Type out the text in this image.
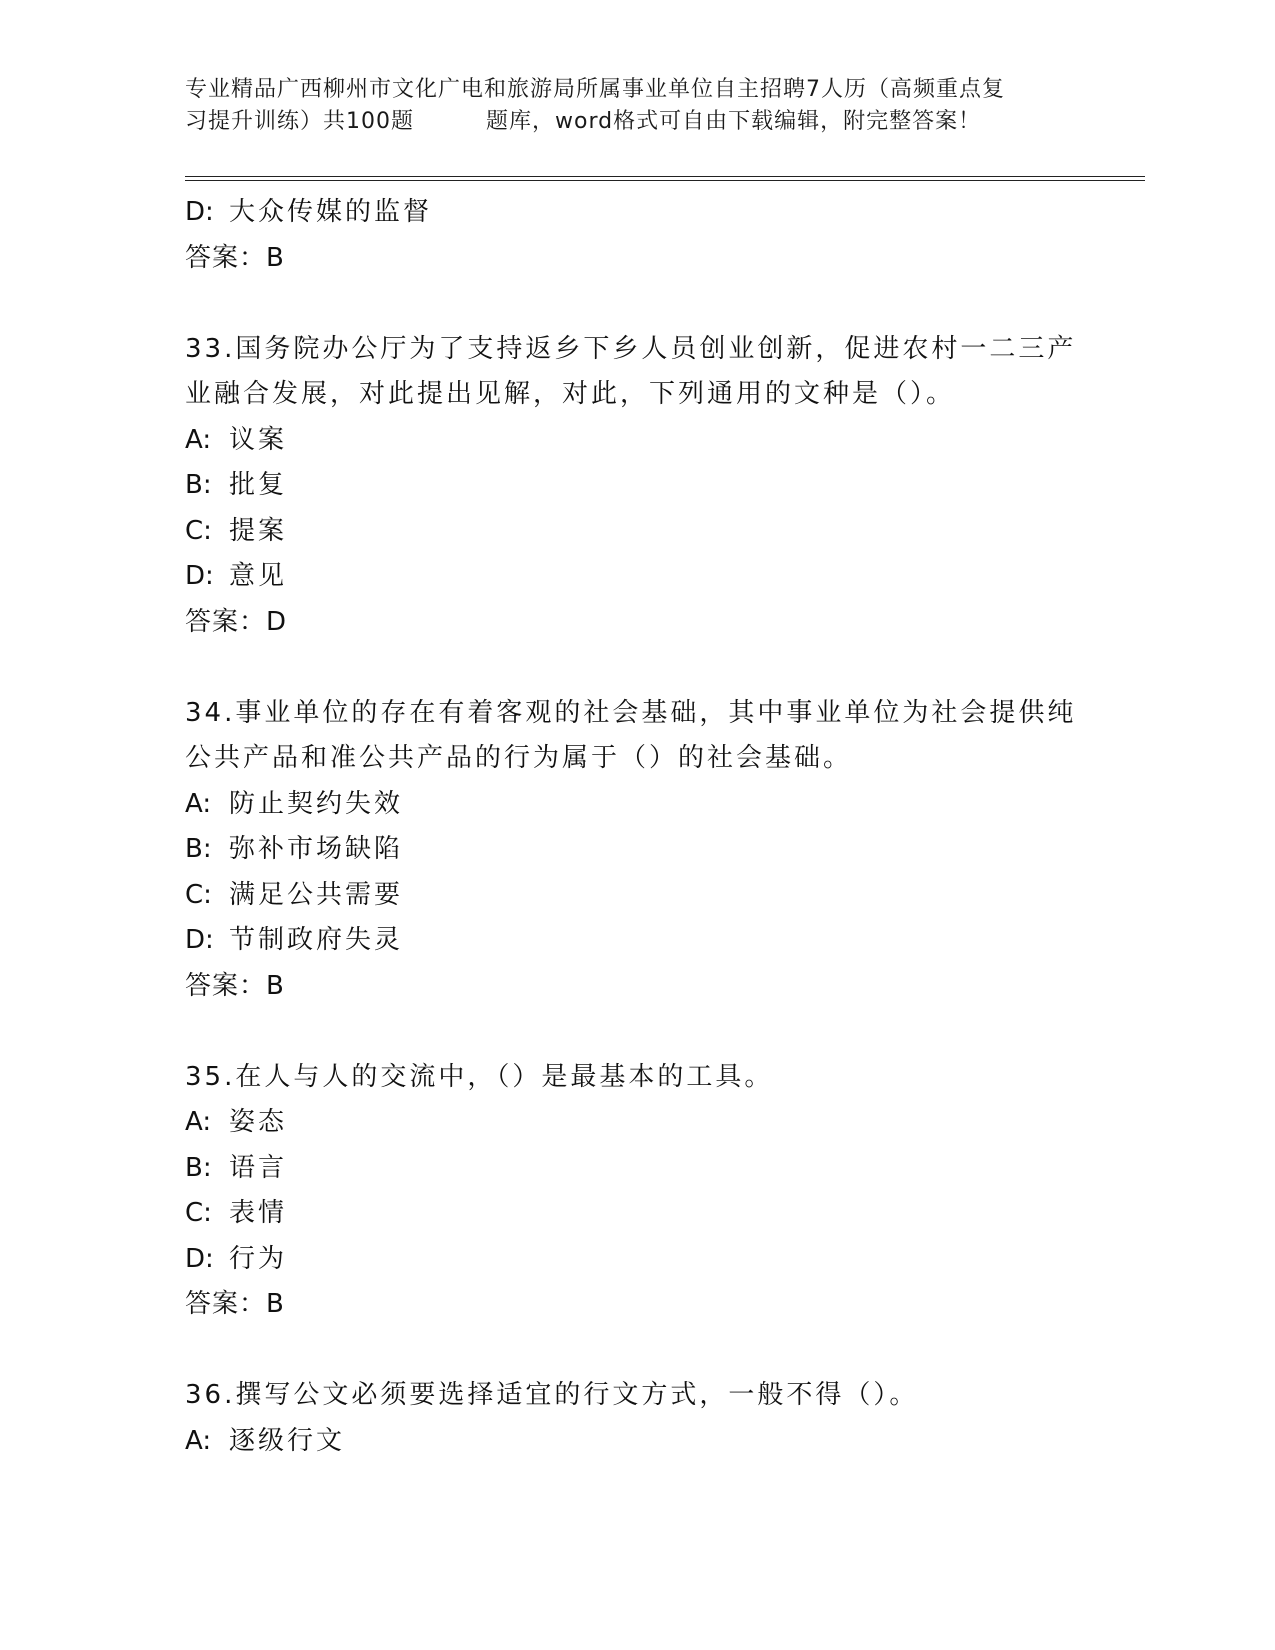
专业精品广西柳州市文化广电和旅游局所属事业单位自主招聘7人历（高频重点复
习提升训练）共100题	题库，word格式可自由下载编辑，附完整答案！
D: 大众传媒的监督
答案：B
33.国务院办公厅为了支持返乡下乡人员创业创新，促进农村一二三产
业融合发展，对此提出见解，对此，下列通用的文种是（）。
A: 议案
B: 批复
C: 提案
D: 意见
答案：D
34.事业单位的存在有着客观的社会基础，其中事业单位为社会提供纯
公共产品和准公共产品的行为属于（）的社会基础。
A: 防止契约失效
B: 弥补市场缺陷
C: 满足公共需要
D: 节制政府失灵
答案：B
35.在人与人的交流中，（）是最基本的工具。
A: 姿态
B: 语言
C: 表情
D: 行为
答案：B
36.撰写公文必须要选择适宜的行文方式，一般不得（）。
A: 逐级行文
